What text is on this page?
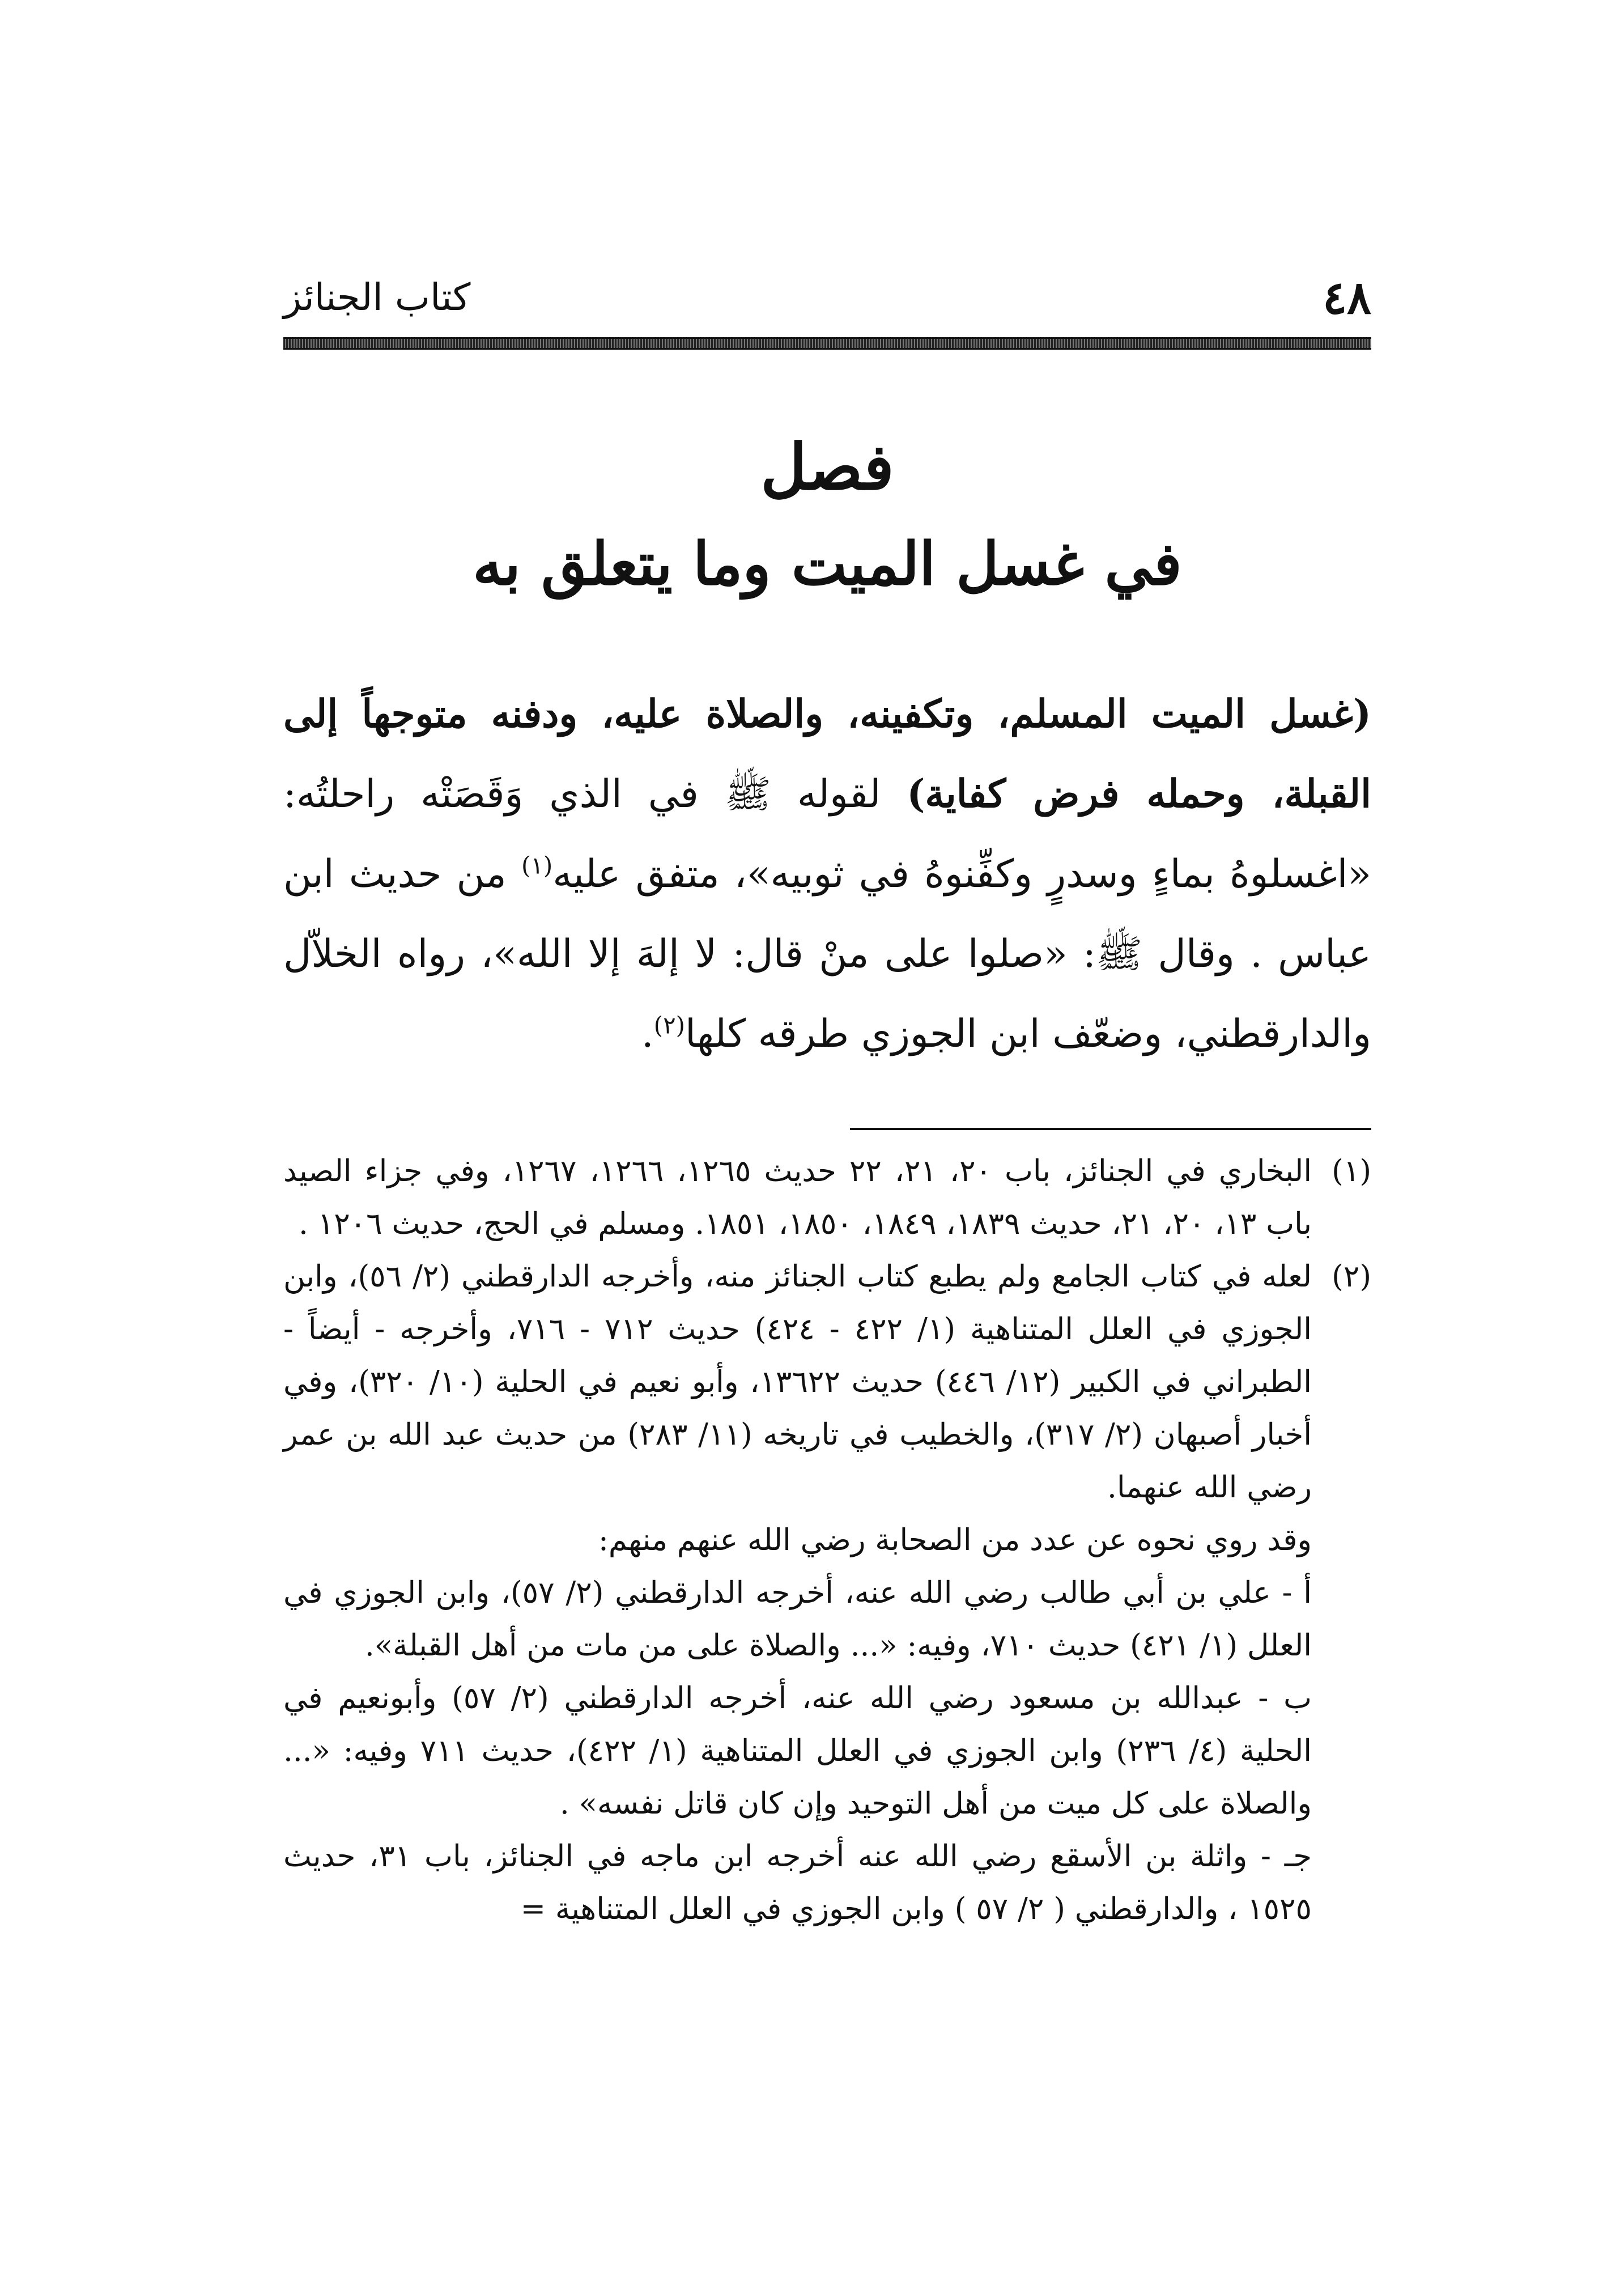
٤٨
كتاب الجنائز
فصل
في غسل الميت وما يتعلق به
(غسل الميت المسلم، وتكفينه، والصلاة عليه، ودفنه متوجهاً إلى القبلة، وحمله فرض كفاية) لقوله ﷺ في الذي وَقَصَتْه راحلتُه: «اغسلوهُ بماءٍ وسدرٍ وكفِّنوهُ في ثوبيه»، متفق عليه$^{(١)}$ من حديث ابن عباس . وقال ﷺ: «صلوا على منْ قال: لا إلهَ إلا الله»، رواه الخلاّل والدارقطني، وضعّف ابن الجوزي طرقه كلها$^{(٢)}$.
(١)
البخاري في الجنائز، باب ٢٠، ٢١، ٢٢ حديث ١٢٦٥، ١٢٦٦، ١٢٦٧، وفي جزاء الصيد باب ١٣، ٢٠، ٢١، حديث ١٨٣٩، ١٨٤٩، ١٨٥٠، ١٨٥١. ومسلم في الحج، حديث ١٢٠٦ .
(٢)
لعله في كتاب الجامع ولم يطبع كتاب الجنائز منه، وأخرجه الدارقطني (٢/ ٥٦)، وابن الجوزي في العلل المتناهية (١/ ٤٢٢ - ٤٢٤) حديث ٧١٢ - ٧١٦، وأخرجه - أيضاً - الطبراني في الكبير (١٢/ ٤٤٦) حديث ١٣٦٢٢، وأبو نعيم في الحلية (١٠/ ٣٢٠)، وفي أخبار أصبهان (٢/ ٣١٧)، والخطيب في تاريخه (١١/ ٢٨٣) من حديث عبد الله بن عمر رضي الله عنهما.
وقد روي نحوه عن عدد من الصحابة رضي الله عنهم منهم:
أ - علي بن أبي طالب رضي الله عنه، أخرجه الدارقطني (٢/ ٥٧)، وابن الجوزي في العلل (١/ ٤٢١) حديث ٧١٠، وفيه: «... والصلاة على من مات من أهل القبلة».
ب - عبدالله بن مسعود رضي الله عنه، أخرجه الدارقطني (٢/ ٥٧) وأبونعيم في الحلية (٤/ ٢٣٦) وابن الجوزي في العلل المتناهية (١/ ٤٢٢)، حديث ٧١١ وفيه: «... والصلاة على كل ميت من أهل التوحيد وإن كان قاتل نفسه» .
جـ - واثلة بن الأسقع رضي الله عنه أخرجه ابن ماجه في الجنائز، باب ٣١، حديث ١٥٢٥ ، والدارقطني ( ٢/ ٥٧ ) وابن الجوزي في العلل المتناهية =
